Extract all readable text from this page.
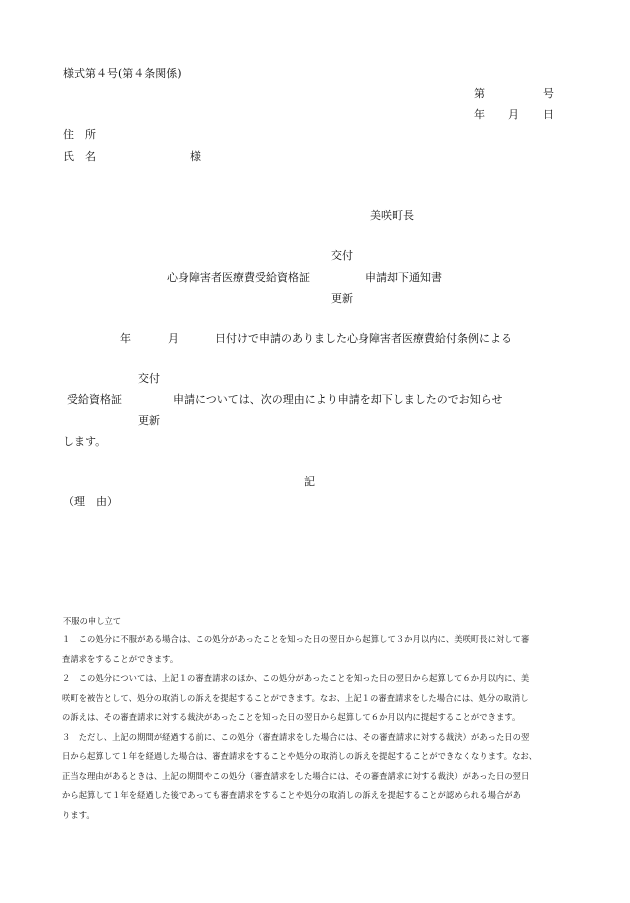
様式第４号(第４条関係)
第	号
年 月 日
住　所
氏　名	様
美咲町長
交付
心身障害者医療費受給資格証	申請却下通知書
更新
年	月	日付けで申請のありました心身障害者医療費給付条例による
交付
受給資格証	申請については、次の理由により申請を却下しましたのでお知らせ
更新
します。
記
（理　由）
不服の申し立て

１　この処分に不服がある場合は、この処分があったことを知った日の翌日から起算して３か月以内に、美咲町長に対して審

査請求をすることができます。

２　この処分については、上記１の審査請求のほか、この処分があったことを知った日の翌日から起算して６か月以内に、美

咲町を被告として、処分の取消しの訴えを提起することができます。なお、上記１の審査請求をした場合には、処分の取消し

の訴えは、その審査請求に対する裁決があったことを知った日の翌日から起算して６か月以内に提起することができます。

３　ただし、上記の期間が経過する前に、この処分（審査請求をした場合には、その審査請求に対する裁決）があった日の翌

日から起算して１年を経過した場合は、審査請求をすることや処分の取消しの訴えを提起することができなくなります。なお、

正当な理由があるときは、上記の期間やこの処分（審査請求をした場合には、その審査請求に対する裁決）があった日の翌日

から起算して１年を経過した後であっても審査請求をすることや処分の取消しの訴えを提起することが認められる場合があ

ります。
